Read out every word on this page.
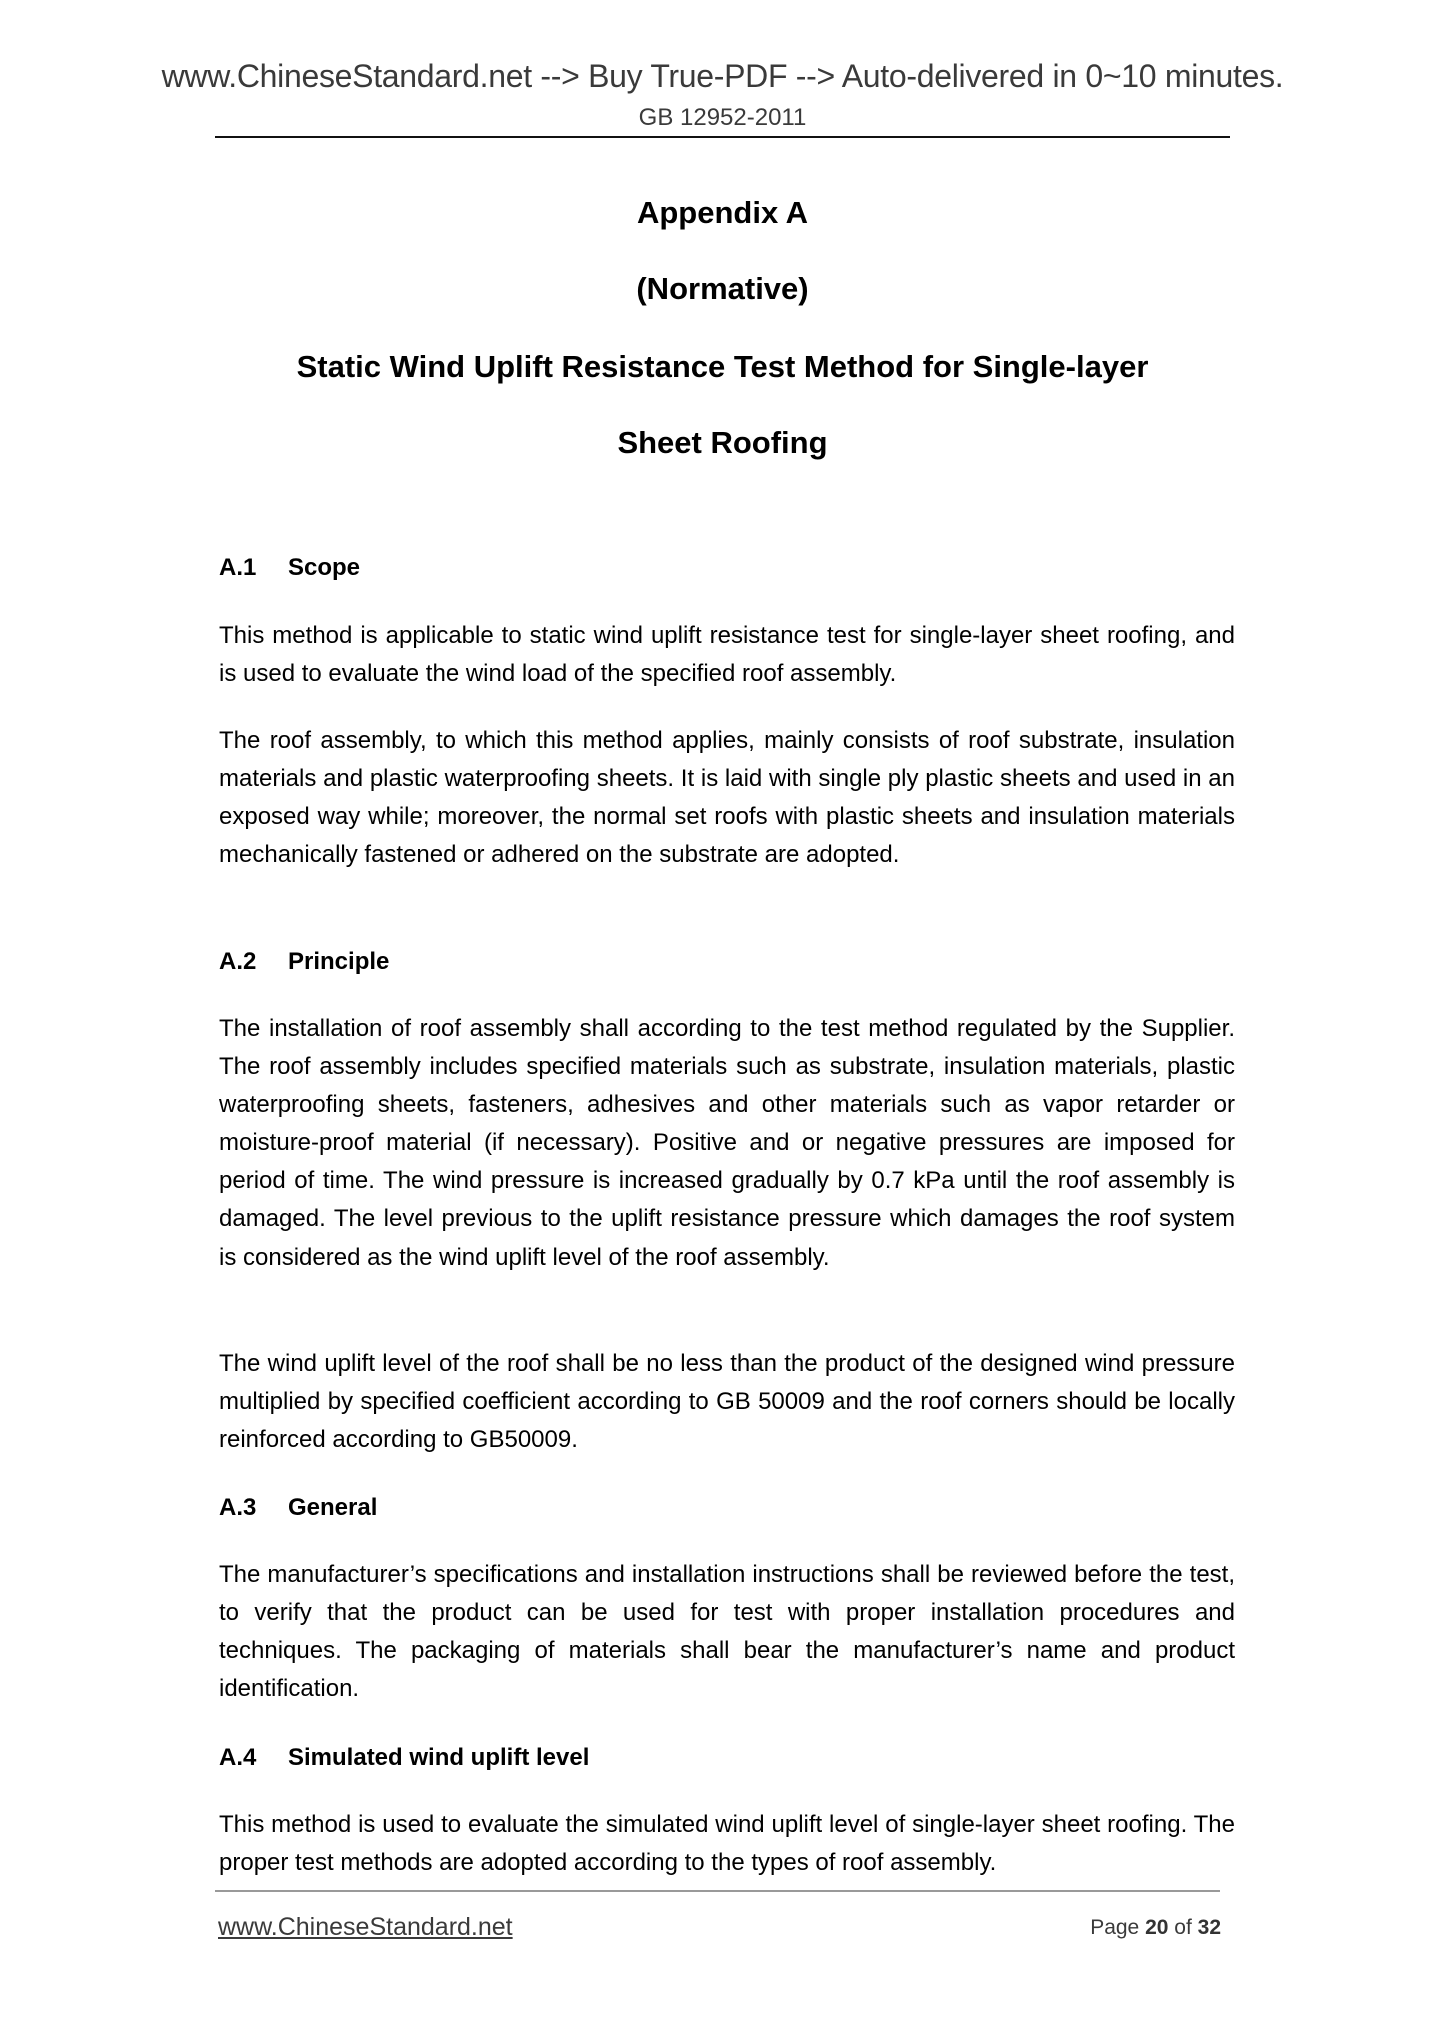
www.ChineseStandard.net --> Buy True-PDF --> Auto-delivered in 0~10 minutes.
GB 12952-2011
Appendix A
(Normative)
Static Wind Uplift Resistance Test Method for Single-layer
Sheet Roofing
A.1 Scope
This method is applicable to static wind uplift resistance test for single-layer sheet roofing, and is used to evaluate the wind load of the specified roof assembly.
The roof assembly, to which this method applies, mainly consists of roof substrate, insulation materials and plastic waterproofing sheets. It is laid with single ply plastic sheets and used in an exposed way while; moreover, the normal set roofs with plastic sheets and insulation materials mechanically fastened or adhered on the substrate are adopted.
A.2 Principle
The installation of roof assembly shall according to the test method regulated by the Supplier. The roof assembly includes specified materials such as substrate, insulation materials, plastic waterproofing sheets, fasteners, adhesives and other materials such as vapor retarder or moisture-proof material (if necessary). Positive and or negative pressures are imposed for period of time. The wind pressure is increased gradually by 0.7 kPa until the roof assembly is damaged. The level previous to the uplift resistance pressure which damages the roof system is considered as the wind uplift level of the roof assembly.
The wind uplift level of the roof shall be no less than the product of the designed wind pressure multiplied by specified coefficient according to GB 50009 and the roof corners should be locally reinforced according to GB50009.
A.3 General
The manufacturer’s specifications and installation instructions shall be reviewed before the test, to verify that the product can be used for test with proper installation procedures and techniques. The packaging of materials shall bear the manufacturer’s name and product identification.
A.4 Simulated wind uplift level
This method is used to evaluate the simulated wind uplift level of single-layer sheet roofing. The proper test methods are adopted according to the types of roof assembly.
www.ChineseStandard.net	Page 20 of 32
